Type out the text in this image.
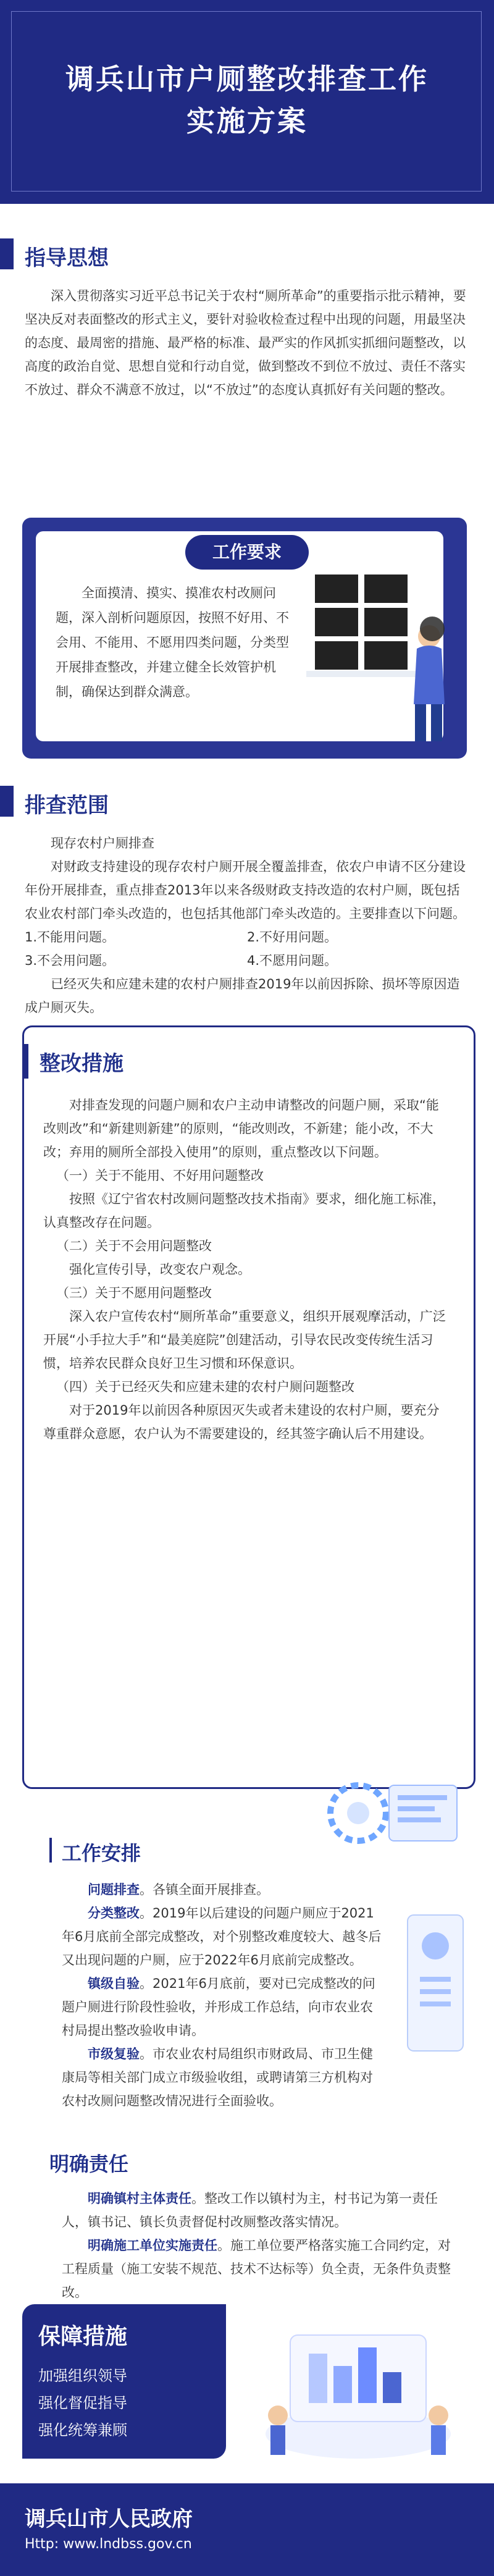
调兵山市户厕整改排查工作
实施方案
指导思想

深入贯彻落实习近平总书记关于农村“厕所革命”的重要指示批示精神，要坚决反对表面整改的形式主义，要针对验收检查过程中出现的问题，用最坚决的态度、最周密的措施、最严格的标准、最严实的作风抓实抓细问题整改，以高度的政治自觉、思想自觉和行动自觉，做到整改不到位不放过、责任不落实不放过、群众不满意不放过，以“不放过”的态度认真抓好有关问题的整改。

工作要求

全面摸清、摸实、摸准农村改厕问题，深入剖析问题原因，按照不好用、不会用、不能用、不愿用四类问题，分类型开展排查整改，并建立健全长效管护机制，确保达到群众满意。

排查范围

现存农村户厕排查

对财政支持建设的现存农村户厕开展全覆盖排查，依农户申请不区分建设年份开展排查，重点排查2013年以来各级财政支持改造的农村户厕，既包括农业农村部门牵头改造的，也包括其他部门牵头改造的。主要排查以下问题。

1.不能用问题。	2.不好用问题。

3.不会用问题。	4.不愿用问题。

已经灭失和应建未建的农村户厕排查2019年以前因拆除、损坏等原因造成户厕灭失。

整改措施

对排查发现的问题户厕和农户主动申请整改的问题户厕，采取“能改则改”和“新建则新建”的原则，“能改则改，不新建；能小改，不大改；弃用的厕所全部投入使用”的原则，重点整改以下问题。

（一）关于不能用、不好用问题整改

按照《辽宁省农村改厕问题整改技术指南》要求，细化施工标准，认真整改存在问题。

（二）关于不会用问题整改

强化宣传引导，改变农户观念。

（三）关于不愿用问题整改

深入农户宣传农村“厕所革命”重要意义，组织开展观摩活动，广泛开展“小手拉大手”和“最美庭院”创建活动，引导农民改变传统生活习惯，培养农民群众良好卫生习惯和环保意识。

（四）关于已经灭失和应建未建的农村户厕问题整改

对于2019年以前因各种原因灭失或者未建设的农村户厕，要充分尊重群众意愿，农户认为不需要建设的，经其签字确认后不用建设。

工作安排

问题排查。各镇全面开展排查。

分类整改。2019年以后建设的问题户厕应于2021年6月底前全部完成整改，对个别整改难度较大、越冬后又出现问题的户厕，应于2022年6月底前完成整改。

镇级自验。2021年6月底前，要对已完成整改的问题户厕进行阶段性验收，并形成工作总结，向市农业农村局提出整改验收申请。

市级复验。市农业农村局组织市财政局、市卫生健康局等相关部门成立市级验收组，或聘请第三方机构对农村改厕问题整改情况进行全面验收。

明确责任

明确镇村主体责任。整改工作以镇村为主，村书记为第一责任人，镇书记、镇长负责督促村改厕整改落实情况。

明确施工单位实施责任。施工单位要严格落实施工合同约定，对工程质量（施工安装不规范、技术不达标等）负全责，无条件负责整改。

保障措施
加强组织领导
强化督促指导
强化统筹兼顾
调兵山市人民政府
Http: www.lndbss.gov.cn
